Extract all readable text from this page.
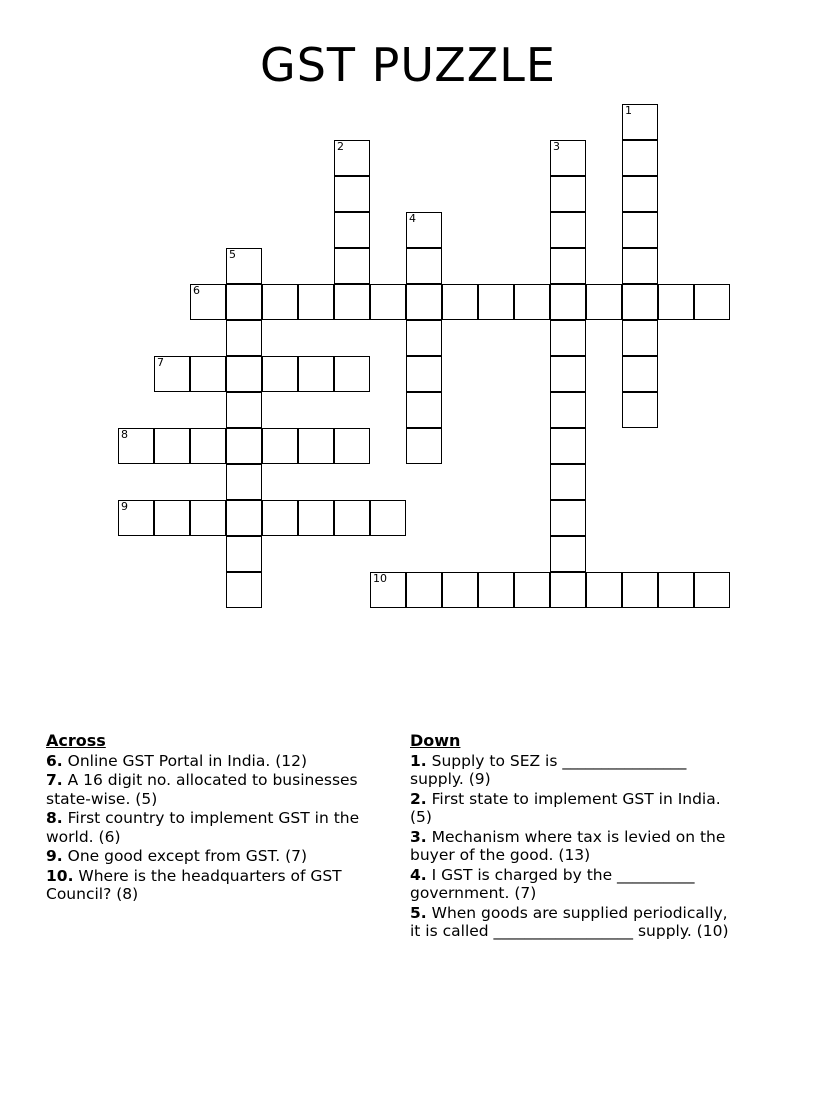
GST PUZZLE
1
2	3
4
5
6
7
8
9
10
Across
6. Online GST Portal in India. (12)
7. A 16 digit no. allocated to businesses state-wise. (5)
8. First country to implement GST in the world. (6)
9. One good except from GST. (7)
10. Where is the headquarters of GST Council? (8)
Down
1. Supply to SEZ is ________________ supply. (9)
2. First state to implement GST in India. (5)
3. Mechanism where tax is levied on the buyer of the good. (13)
4. I GST is charged by the __________ government. (7)
5. When goods are supplied periodically, it is called __________________ supply. (10)
